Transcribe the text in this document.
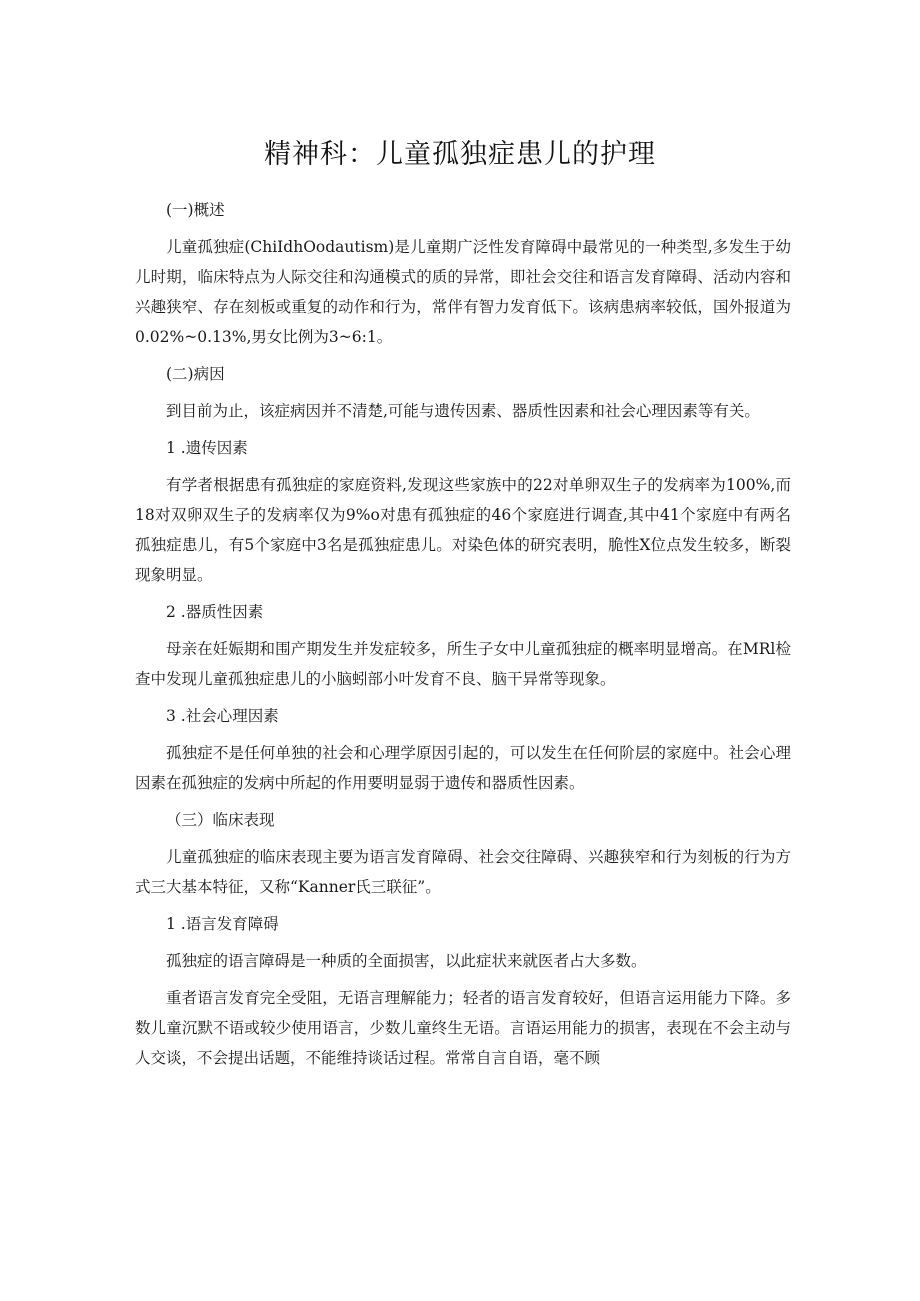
精神科：儿童孤独症患儿的护理

(一)概述

儿童孤独症(ChiIdhOodautism)是儿童期广泛性发育障碍中最常见的一种类型,多发生于幼儿时期，临床特点为人际交往和沟通模式的质的异常，即社会交往和语言发育障碍、活动内容和兴趣狭窄、存在刻板或重复的动作和行为，常伴有智力发育低下。该病患病率较低，国外报道为0.02%~0.13%,男女比例为3~6:1。

(二)病因

到目前为止，该症病因并不清楚,可能与遗传因素、器质性因素和社会心理因素等有关。

1 .遗传因素

有学者根据患有孤独症的家庭资料,发现这些家族中的22对单卵双生子的发病率为100%,而18对双卵双生子的发病率仅为9%o对患有孤独症的46个家庭进行调查,其中41个家庭中有两名孤独症患儿，有5个家庭中3名是孤独症患儿。对染色体的研究表明，脆性X位点发生较多，断裂现象明显。

2 .器质性因素

母亲在妊娠期和围产期发生并发症较多，所生子女中儿童孤独症的概率明显增高。在MRl检查中发现儿童孤独症患儿的小脑蚓部小叶发育不良、脑干异常等现象。

3 .社会心理因素

孤独症不是任何单独的社会和心理学原因引起的，可以发生在任何阶层的家庭中。社会心理因素在孤独症的发病中所起的作用要明显弱于遗传和器质性因素。

（三）临床表现

儿童孤独症的临床表现主要为语言发育障碍、社会交往障碍、兴趣狭窄和行为刻板的行为方式三大基本特征，又称“Kanner氏三联征”。

1 .语言发育障碍

孤独症的语言障碍是一种质的全面损害，以此症状来就医者占大多数。

重者语言发育完全受阻，无语言理解能力；轻者的语言发育较好，但语言运用能力下降。多数儿童沉默不语或较少使用语言，少数儿童终生无语。言语运用能力的损害，表现在不会主动与人交谈，不会提出话题，不能维持谈话过程。常常自言自语，毫不顾
